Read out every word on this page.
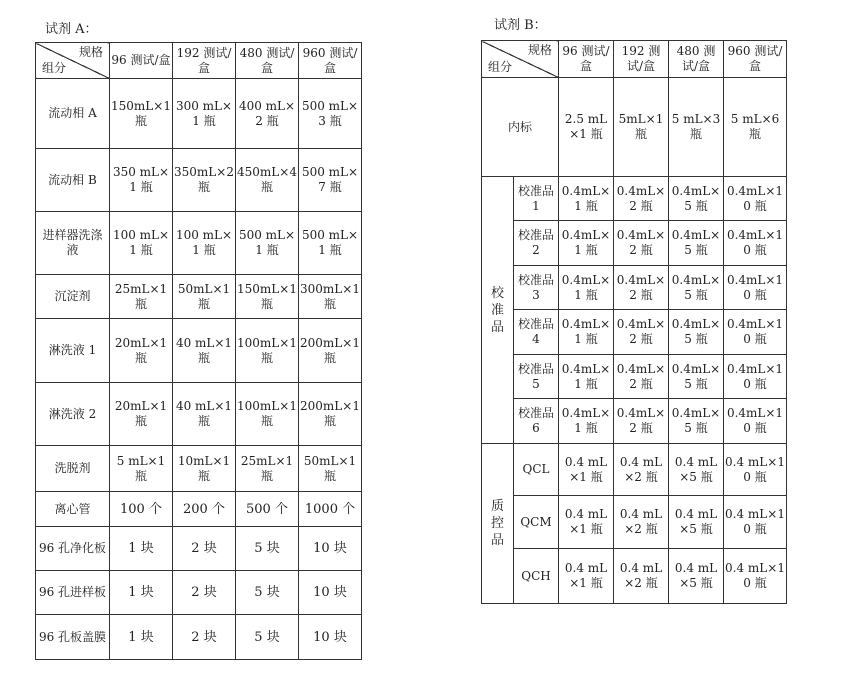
试剂 A：
规格
组分	96 测试/盒	192 测试/盒	480 测试/盒	960 测试/盒
流动相 A	150mL×1 瓶	300 mL×1 瓶	400 mL×2 瓶	500 mL×3 瓶
流动相 B	350 mL×1 瓶	350mL×2 瓶	450mL×4 瓶	500 mL×7 瓶
进样器洗涤液	100 mL×1 瓶	100 mL×1 瓶	500 mL×1 瓶	500 mL×1 瓶
沉淀剂	25mL×1 瓶	50mL×1 瓶	150mL×1 瓶	300mL×1 瓶
淋洗液 1	20mL×1 瓶	40 mL×1 瓶	100mL×1 瓶	200mL×1 瓶
淋洗液 2	20mL×1 瓶	40 mL×1 瓶	100mL×1 瓶	200mL×1 瓶
洗脱剂	5 mL×1 瓶	10mL×1 瓶	25mL×1 瓶	50mL×1 瓶
离心管	100 个	200 个	500 个	1000 个
96 孔净化板	1 块	2 块	5 块	10 块
96 孔进样板	1 块	2 块	5 块	10 块
96 孔板盖膜	1 块	2 块	5 块	10 块
试剂 B：
规格
组分		96 测试/盒	192 测试/盒	480 测试/盒	960 测试/盒
内标		2.5 mL×1 瓶	5mL×1 瓶	5 mL×3 瓶	5 mL×6 瓶
校准品	校准品 1	0.4mL×1 瓶	0.4mL×2 瓶	0.4mL×5 瓶	0.4mL×10 瓶
	校准品 2	0.4mL×1 瓶	0.4mL×2 瓶	0.4mL×5 瓶	0.4mL×10 瓶
	校准品 3	0.4mL×1 瓶	0.4mL×2 瓶	0.4mL×5 瓶	0.4mL×10 瓶
	校准品 4	0.4mL×1 瓶	0.4mL×2 瓶	0.4mL×5 瓶	0.4mL×10 瓶
	校准品 5	0.4mL×1 瓶	0.4mL×2 瓶	0.4mL×5 瓶	0.4mL×10 瓶
	校准品 6	0.4mL×1 瓶	0.4mL×2 瓶	0.4mL×5 瓶	0.4mL×10 瓶
质控品	QCL	0.4 mL×1 瓶	0.4 mL×2 瓶	0.4 mL×5 瓶	0.4 mL×10 瓶
	QCM	0.4 mL×1 瓶	0.4 mL×2 瓶	0.4 mL×5 瓶	0.4 mL×10 瓶
	QCH	0.4 mL×1 瓶	0.4 mL×2 瓶	0.4 mL×5 瓶	0.4 mL×10 瓶
